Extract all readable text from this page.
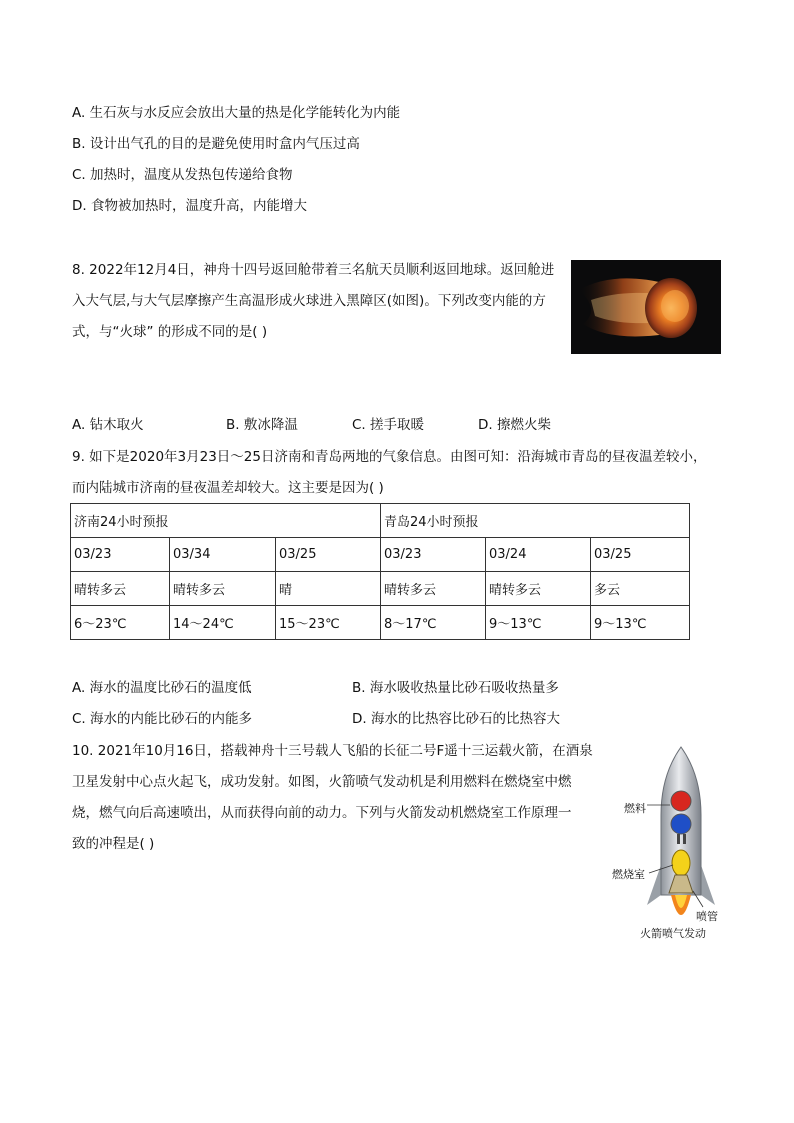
A. 生石灰与水反应会放出大量的热是化学能转化为内能
B. 设计出气孔的目的是避免使用时盒内气压过高
C. 加热时，温度从发热包传递给食物
D. 食物被加热时，温度升高，内能增大
8. 2022年12月4日，神舟十四号返回舱带着三名航天员顺利返回地球。返回舱进
入大气层,与大气层摩擦产生高温形成火球进入黑障区(如图)。下列改变内能的方
式，与“火球” 的形成不同的是( )
A. 钻木取火	B. 敷冰降温	C. 搓手取暖	D. 擦燃火柴
9. 如下是2020年3月23日～25日济南和青岛两地的气象信息。由图可知：沿海城市青岛的昼夜温差较小，
而内陆城市济南的昼夜温差却较大。这主要是因为( )
济南24小时预报			青岛24小时预报		
03/23	03/34	03/25	03/23	03/24	03/25
晴转多云	晴转多云	晴	晴转多云	晴转多云	多云
6～23℃	14～24℃	15～23℃	8～17℃	9～13℃	9～13℃
A. 海水的温度比砂石的温度低	B. 海水吸收热量比砂石吸收热量多
C. 海水的内能比砂石的内能多	D. 海水的比热容比砂石的比热容大
10. 2021年10月16日，搭载神舟十三号载人飞船的长征二号F遥十三运载火箭，在酒泉
卫星发射中心点火起飞，成功发射。如图，火箭喷气发动机是利用燃料在燃烧室中燃
烧，燃气向后高速喷出，从而获得向前的动力。下列与火箭发动机燃烧室工作原理一
致的冲程是( )
燃料
燃烧室
喷管
火箭喷气发动
